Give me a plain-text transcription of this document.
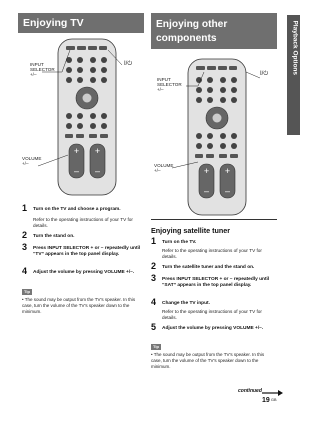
Playback Options
Enjoying TV	Enjoying other components
+ +
– –
INPUT
SELECTOR
+/–
I/⏻
VOLUME
+/–
+ +
– –
INPUT
SELECTOR
+/–
I/⏻
VOLUME
+/–
1 Turn on the TV and choose a program.
Refer to the operating instructions of your TV for details.
2 Turn the stand on.
3 Press INPUT SELECTOR + or – repeatedly until “TV” appears in the top panel display.
4 Adjust the volume by pressing VOLUME +/–.
Tip
• The sound may be output from the TV’s speaker. In this case, turn the volume of the TV’s speaker down to the minimum.
Enjoying satellite tuner
1 Turn on the TV.
Refer to the operating instructions of your TV for details.
2 Turn the satellite tuner and the stand on.
3 Press INPUT SELECTOR + or – repeatedly until “SAT” appears in the top panel display.
4 Change the TV input.
Refer to the operating instructions of your TV for details.
5 Adjust the volume by pressing VOLUME +/–.
Tip
• The sound may be output from the TV’s speaker. In this case, turn the volume of the TV’s speaker down to the minimum.
continued
19 GB
